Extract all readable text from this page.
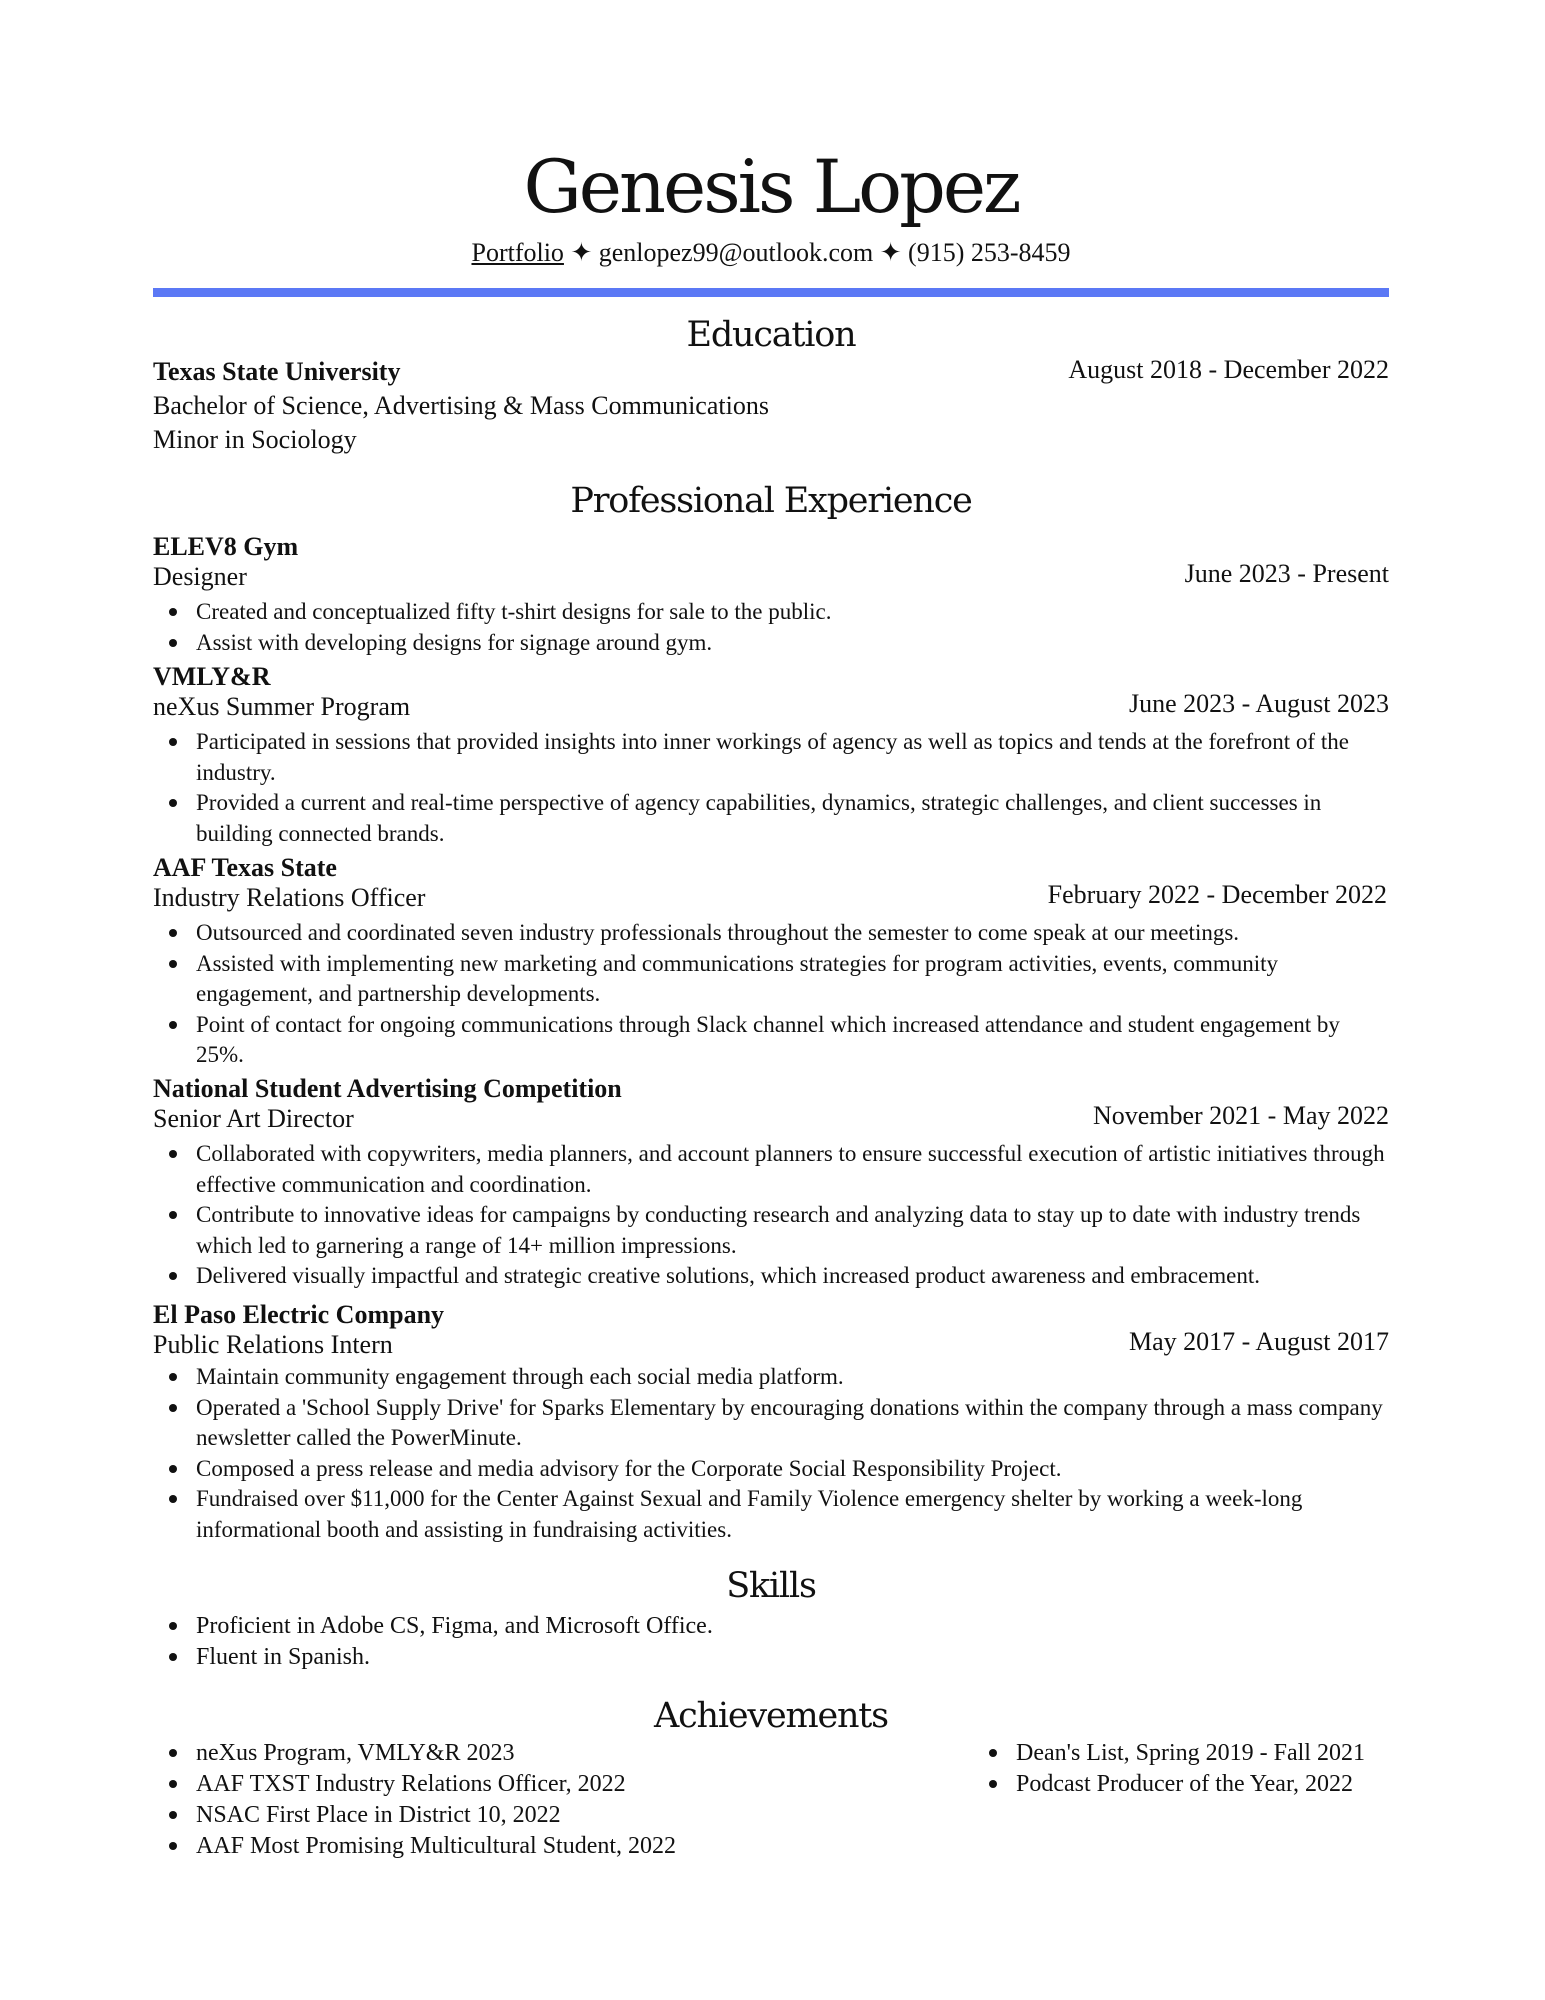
Genesis Lopez
Portfolio ✦ genlopez99@outlook.com ✦ (915) 253-8459
Education
Texas State University	August 2018 - December 2022
Bachelor of Science, Advertising & Mass Communications
Minor in Sociology
Professional Experience
ELEV8 Gym
Designer	June 2023 - Present
Created and conceptualized fifty t-shirt designs for sale to the public.
Assist with developing designs for signage around gym.
VMLY&R
neXus Summer Program	June 2023 - August 2023
Participated in sessions that provided insights into inner workings of agency as well as topics and tends at the forefront of the industry.
Provided a current and real-time perspective of agency capabilities, dynamics, strategic challenges, and client successes in building connected brands.
AAF Texas State
Industry Relations Officer	February 2022 - December 2022
Outsourced and coordinated seven industry professionals throughout the semester to come speak at our meetings.
Assisted with implementing new marketing and communications strategies for program activities, events, community engagement, and partnership developments.
Point of contact for ongoing communications through Slack channel which increased attendance and student engagement by 25%.
National Student Advertising Competition
Senior Art Director	November 2021 - May 2022
Collaborated with copywriters, media planners, and account planners to ensure successful execution of artistic initiatives through effective communication and coordination.
Contribute to innovative ideas for campaigns by conducting research and analyzing data to stay up to date with industry trends which led to garnering a range of 14+ million impressions.
Delivered visually impactful and strategic creative solutions, which increased product awareness and embracement.
El Paso Electric Company
Public Relations Intern	May 2017 - August 2017
Maintain community engagement through each social media platform.
Operated a 'School Supply Drive' for Sparks Elementary by encouraging donations within the company through a mass company newsletter called the PowerMinute.
Composed a press release and media advisory for the Corporate Social Responsibility Project.
Fundraised over $11,000 for the Center Against Sexual and Family Violence emergency shelter by working a week-long informational booth and assisting in fundraising activities.
Skills
Proficient in Adobe CS, Figma, and Microsoft Office.
Fluent in Spanish.
Achievements
neXus Program, VMLY&R 2023
AAF TXST Industry Relations Officer, 2022
NSAC First Place in District 10, 2022
AAF Most Promising Multicultural Student, 2022
Dean's List, Spring 2019 - Fall 2021
Podcast Producer of the Year, 2022
